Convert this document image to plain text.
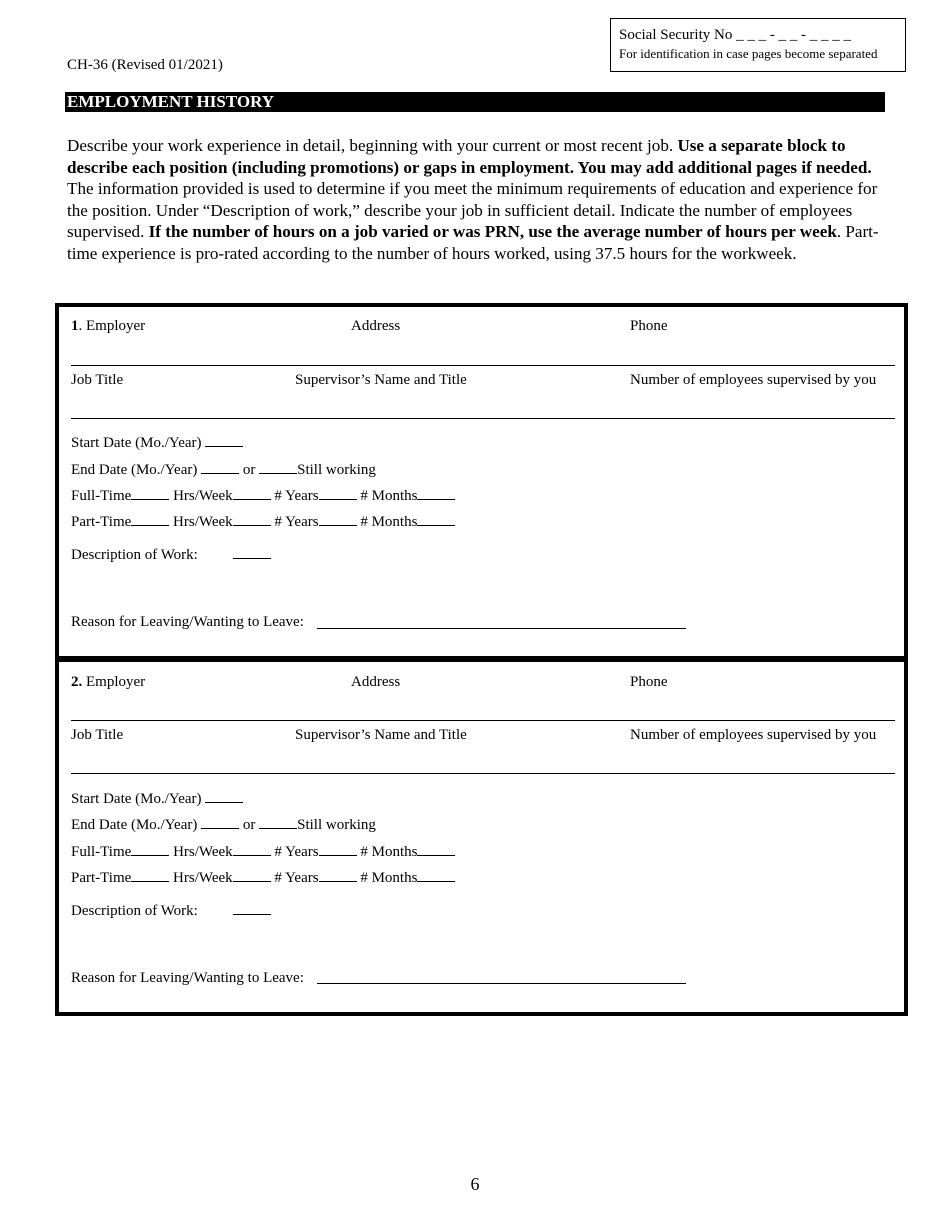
CH-36 (Revised 01/2021)
Social Security No _ _ _ - _ _ - _ _ _ _
For identification in case pages become separated
EMPLOYMENT HISTORY
Describe your work experience in detail, beginning with your current or most recent job. Use a separate block to describe each position (including promotions) or gaps in employment. You may add additional pages if needed. The information provided is used to determine if you meet the minimum requirements of education and experience for the position. Under “Description of work,” describe your job in sufficient detail. Indicate the number of employees supervised. If the number of hours on a job varied or was PRN, use the average number of hours per week. Part-time experience is pro-rated according to the number of hours worked, using 37.5 hours for the workweek.
1. Employer	Address	Phone
Job Title	Supervisor’s Name and Title	Number of employees supervised by you
Start Date (Mo./Year)
End Date (Mo./Year)	or	Still working
Full-Time	Hrs/Week	# Years	# Months
Part-Time	Hrs/Week	# Years	# Months
Description of Work:
Reason for Leaving/Wanting to Leave:
2. Employer	Address	Phone
Job Title	Supervisor’s Name and Title	Number of employees supervised by you
Start Date (Mo./Year)
End Date (Mo./Year)	or	Still working
Full-Time	Hrs/Week	# Years	# Months
Part-Time	Hrs/Week	# Years	# Months
Description of Work:
Reason for Leaving/Wanting to Leave:
6
